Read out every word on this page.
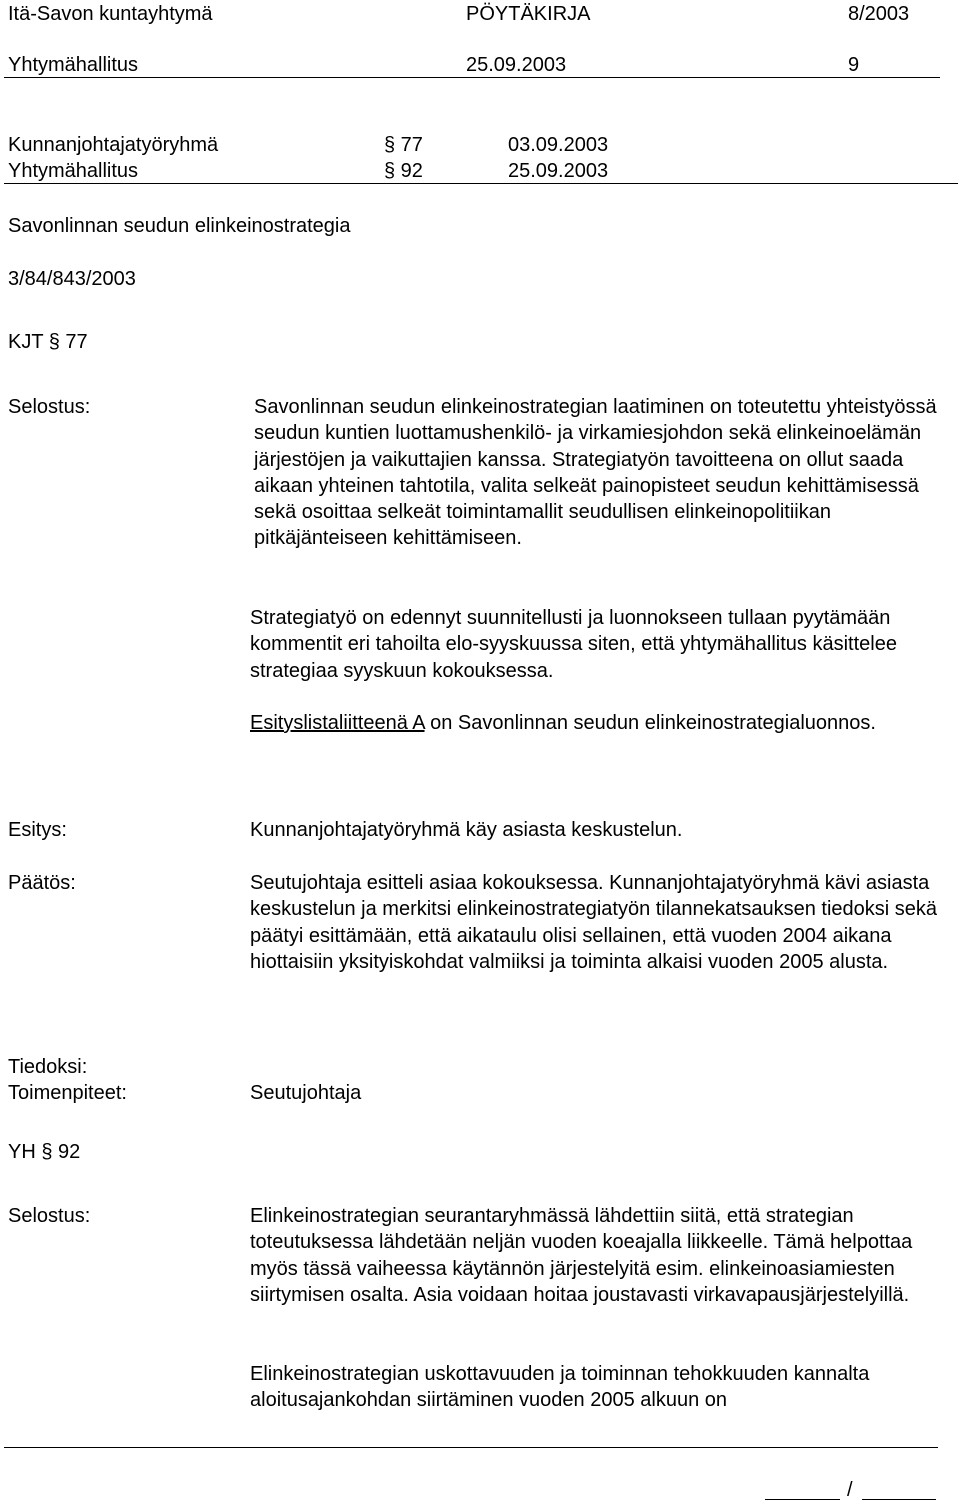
Itä-Savon kuntayhtymä	PÖYTÄKIRJA	8/2003
Yhtymähallitus	25.09.2003	9
Kunnanjohtajatyöryhmä	§ 77	03.09.2003
Yhtymähallitus	§ 92	25.09.2003
Savonlinnan seudun elinkeinostrategia
3/84/843/2003
KJT § 77
Selostus:	Savonlinnan seudun elinkeinostrategian laatiminen on toteutettu yhteistyössä seudun kuntien luottamushenkilö- ja virkamiesjohdon sekä elinkeinoelämän järjestöjen ja vaikuttajien kanssa. Strategiatyön tavoitteena on ollut saada aikaan yhteinen tahtotila, valita selkeät painopisteet seudun kehittämisessä sekä osoittaa selkeät toimintamallit seudullisen elinkeinopolitiikan pitkäjänteiseen kehittämiseen.
Strategiatyö on edennyt suunnitellusti ja luonnokseen tullaan pyytämään kommentit eri tahoilta elo-syyskuussa siten, että yhtymähallitus käsittelee strategiaa syyskuun kokouksessa.
Esityslistaliitteenä A on Savonlinnan seudun elinkeinostrategialuonnos.
Esitys:	Kunnanjohtajatyöryhmä käy asiasta keskustelun.
Päätös:	Seutujohtaja esitteli asiaa kokouksessa. Kunnanjohtajatyöryhmä kävi asiasta keskustelun ja merkitsi elinkeinostrategiatyön tilannekatsauksen tiedoksi sekä päätyi esittämään, että aikataulu olisi sellainen, että vuoden 2004 aikana hiottaisiin yksityiskohdat valmiiksi ja toiminta alkaisi vuoden 2005 alusta.
Tiedoksi:
Toimenpiteet:	Seutujohtaja
YH § 92
Selostus:	Elinkeinostrategian seurantaryhmässä lähdettiin siitä, että strategian toteutuksessa lähdetään neljän vuoden koeajalla liikkeelle. Tämä helpottaa myös tässä vaiheessa käytännön järjestelyitä esim. elinkeinoasiamiesten siirtymisen osalta. Asia voidaan hoitaa joustavasti virkavapausjärjestelyillä.
Elinkeinostrategian uskottavuuden ja toiminnan tehokkuuden kannalta aloitusajankohdan siirtäminen vuoden 2005 alkuun on
/
